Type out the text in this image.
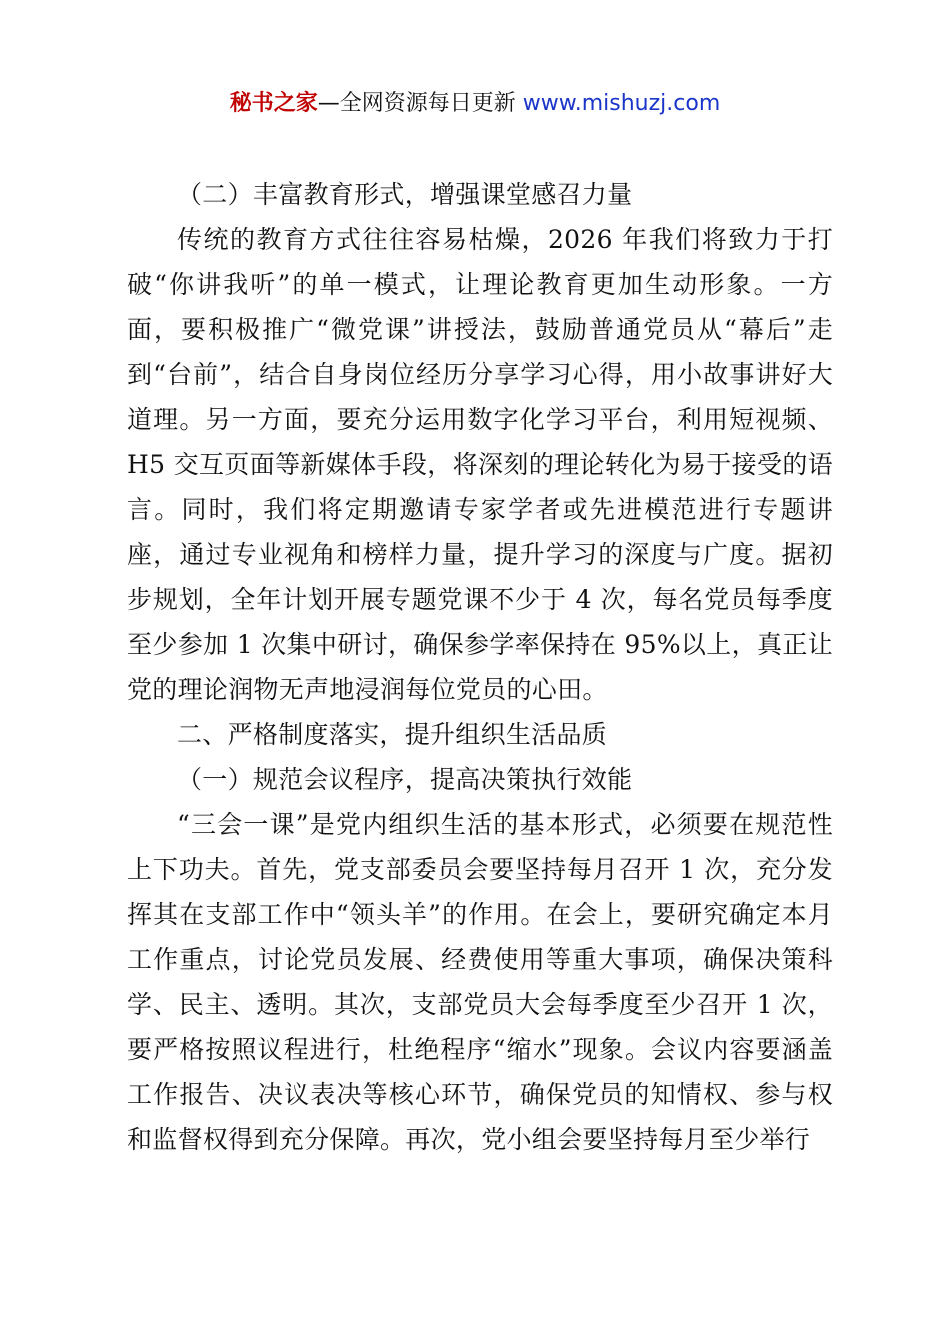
秘书之家—全网资源每日更新 www.mishuzj.com

（二）丰富教育形式，增强课堂感召力量

传统的教育方式往往容易枯燥，2026 年我们将致力于打破“你讲我听”的单一模式，让理论教育更加生动形象。一方面，要积极推广“微党课”讲授法，鼓励普通党员从“幕后”走到“台前”，结合自身岗位经历分享学习心得，用小故事讲好大道理。另一方面，要充分运用数字化学习平台，利用短视频、H5 交互页面等新媒体手段，将深刻的理论转化为易于接受的语言。同时，我们将定期邀请专家学者或先进模范进行专题讲座，通过专业视角和榜样力量，提升学习的深度与广度。据初步规划，全年计划开展专题党课不少于 4 次，每名党员每季度至少参加 1 次集中研讨，确保参学率保持在 95%以上，真正让党的理论润物无声地浸润每位党员的心田。

二、严格制度落实，提升组织生活品质

（一）规范会议程序，提高决策执行效能

“三会一课”是党内组织生活的基本形式，必须要在规范性上下功夫。首先，党支部委员会要坚持每月召开 1 次，充分发挥其在支部工作中“领头羊”的作用。在会上，要研究确定本月工作重点，讨论党员发展、经费使用等重大事项，确保决策科学、民主、透明。其次，支部党员大会每季度至少召开 1 次，要严格按照议程进行，杜绝程序“缩水”现象。会议内容要涵盖工作报告、决议表决等核心环节，确保党员的知情权、参与权和监督权得到充分保障。再次，党小组会要坚持每月至少举行
